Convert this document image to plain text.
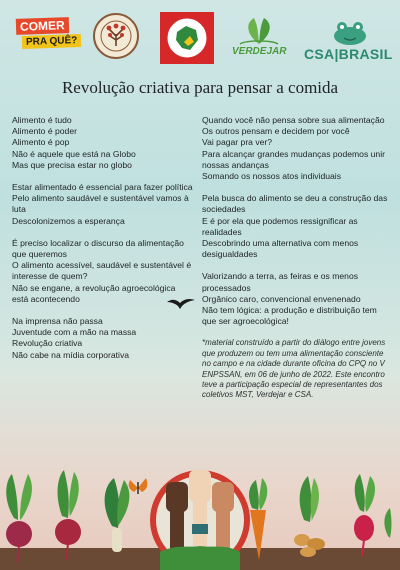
COMER
PRA QUÊ?
VERDEJAR CSA|BRASIL
Revolução criativa para pensar a comida

Alimento é tudo
Alimento é poder
Alimento é pop
Não é aquele que está na Globo
Mas que precisa estar no globo

Estar alimentado é essencial para fazer política
Pelo alimento saudável e sustentável vamos à luta
Descolonizemos a esperança

É preciso localizar o discurso da alimentação que queremos
O alimento acessível, saudável e sustentável é interesse de quem?
Não se engane, a revolução agroecológica está acontecendo

Na imprensa não passa
Juventude com a mão na massa
Revolução criativa
Não cabe na mídia corporativa

Quando você não pensa sobre sua alimentação
Os outros pensam e decidem por você
Vai pagar pra ver?
Para alcançar grandes mudanças podemos unir nossas andanças
Somando os nossos atos individuais

Pela busca do alimento se deu a construção das sociedades
E é por ela que podemos ressignificar as realidades
Descobrindo uma alternativa com menos desigualdades

Valorizando a terra, as feiras e os menos processados
Orgânico caro, convencional envenenado
Não tem lógica: a produção e distribuição tem que ser agroecológica!

*material construído a partir do diálogo entre jovens que produzem ou tem uma alimentação consciente no campo e na cidade durante oficina do CPQ no V ENPSSAN, em 06 de junho de 2022. Este encontro teve a participação especial de representantes dos coletivos MST, Verdejar e CSA.
